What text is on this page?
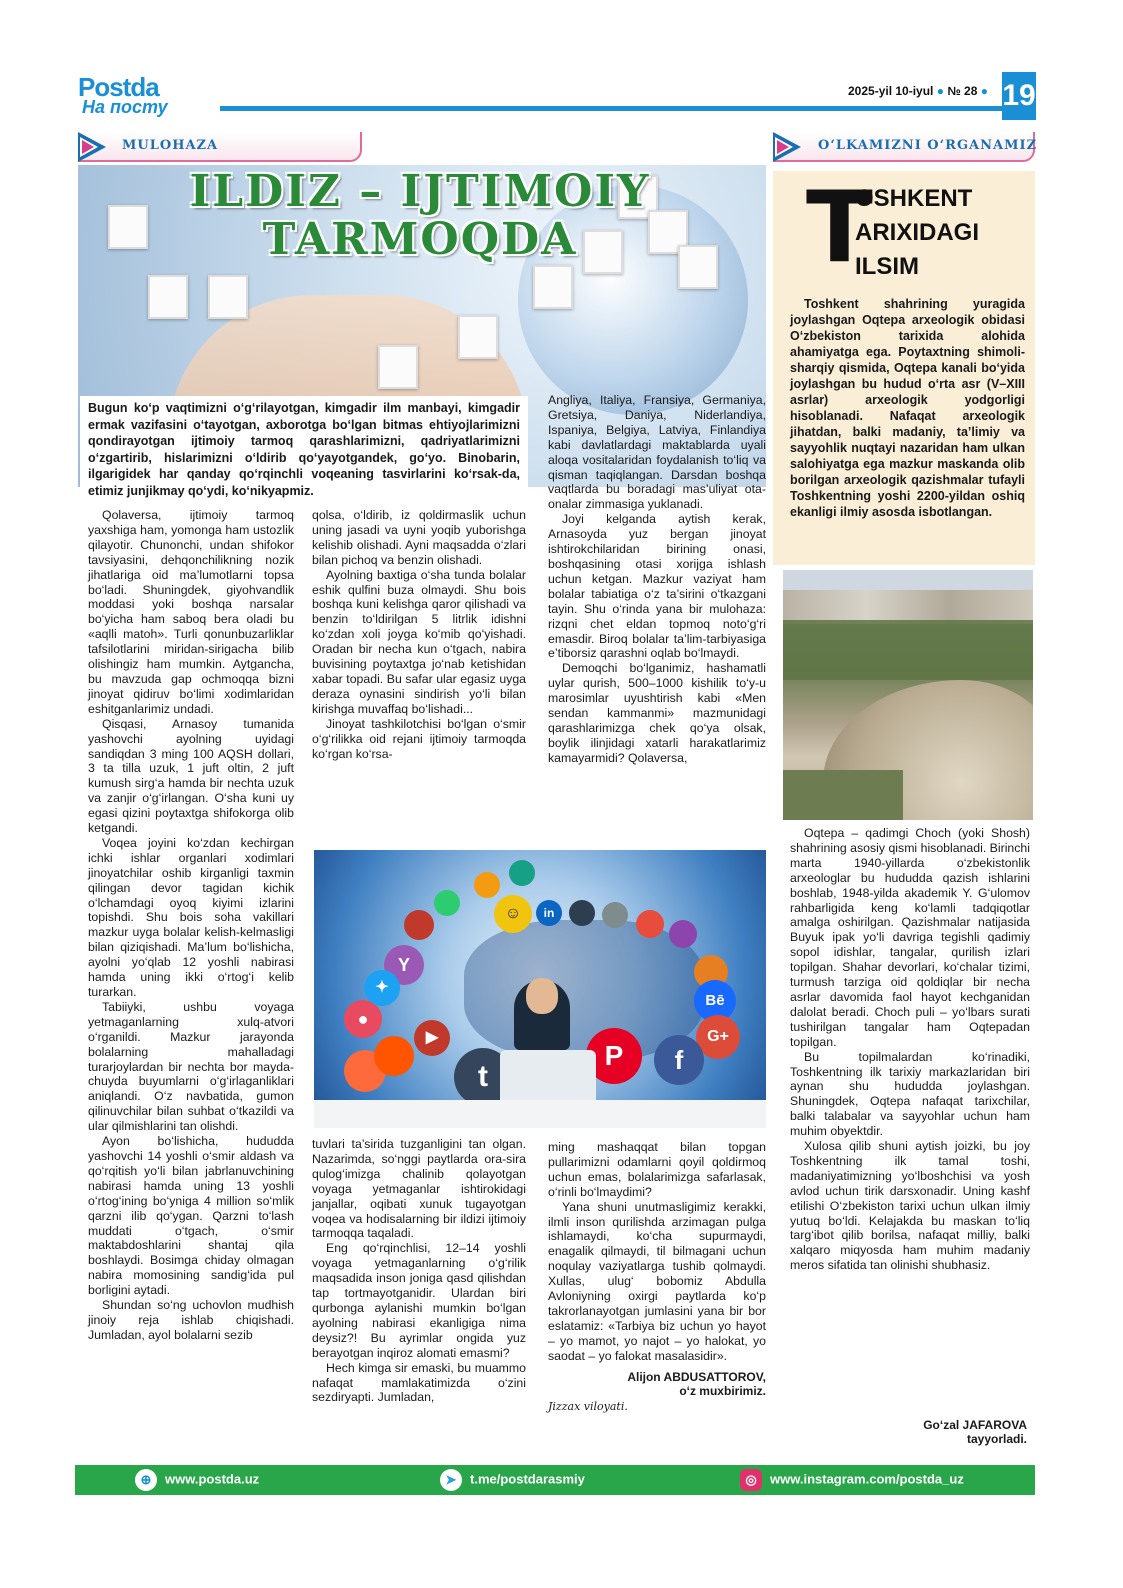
Postda
На посту
2025-yil 10-iyul ● № 28 ● 19
MULOHAZA	O‘LKAMIZNI O‘RGANAMIZ
ILDIZ – IJTIMOIY
TARMOQDA
Bugun ko‘p vaqtimizni o‘g‘rilayotgan, kimgadir ilm manbayi, kimgadir ermak vazifasini o‘tayotgan, axborotga bo‘lgan bitmas ehtiyojlarimizni qondirayotgan ijtimoiy tarmoq qarashlarimizni, qadriyatlarimizni o‘zgartirib, hislarimizni o‘ldirib qo‘yayotgandek, go‘yo. Binobarin, ilgarigidek har qanday qo‘rqinchli voqeaning tasvirlarini ko‘rsak-da, etimiz junjikmay qo‘ydi, ko‘nikyapmiz.

Qolaversa, ijtimoiy tarmoq yaxshiga ham, yomonga ham ustozlik qilayotir. Chunonchi, undan shifokor tavsiyasini, dehqonchilikning nozik jihatlariga oid ma’lumotlarni topsa bo‘ladi. Shuningdek, giyohvandlik moddasi yoki boshqa narsalar bo‘yicha ham saboq bera oladi bu «aqlli matoh». Turli qonunbuzarliklar tafsilotlarini miridan-sirigacha bilib olishingiz ham mumkin. Aytgancha, bu mavzuda gap ochmoqqa bizni jinoyat qidiruv bo‘limi xodimlaridan eshitganlarimiz undadi.

Qisqasi, Arnasoy tumanida yashovchi ayolning uyidagi sandiqdan 3 ming 100 AQSH dollari, 3 ta tilla uzuk, 1 juft oltin, 2 juft kumush sirg‘a hamda bir nechta uzuk va zanjir o‘g‘irlangan. O‘sha kuni uy egasi qizini poytaxtga shifokorga olib ketgandi.

Voqea joyini ko‘zdan kechirgan ichki ishlar organlari xodimlari jinoyatchilar oshib kirganligi taxmin qilingan devor tagidan kichik o‘lchamdagi oyoq kiyimi izlarini topishdi. Shu bois soha vakillari mazkur uyga bolalar kelish-kelmasligi bilan qiziqishadi. Ma’lum bo‘lishicha, ayolni yo‘qlab 12 yoshli nabirasi hamda uning ikki o‘rtog‘i kelib turarkan.

Tabiiyki, ushbu voyaga yetmaganlarning xulq-atvori o‘rganildi. Mazkur jarayonda bolalarning mahalladagi turarjoylardan bir nechta bor mayda-chuyda buyumlarni o‘g‘irlaganliklari aniqlandi. O‘z navbatida, gumon qilinuvchilar bilan suhbat o‘tkazildi va ular qilmishlarini tan olishdi.

Ayon bo‘lishicha, hududda yashovchi 14 yoshli o‘smir aldash va qo‘rqitish yo‘li bilan jabrlanuvchining nabirasi hamda uning 13 yoshli o‘rtog‘ining bo‘yniga 4 million so‘mlik qarzni ilib qo‘ygan. Qarzni to‘lash muddati o‘tgach, o‘smir maktabdoshlarini shantaj qila boshlaydi. Bosimga chiday olmagan nabira momosining sandig‘ida pul borligini aytadi.

Shundan so‘ng uchovlon mudhish jinoiy reja ishlab chiqishadi. Jumladan, ayol bolalarni sezib

qolsa, o‘ldirib, iz qoldirmaslik uchun uning jasadi va uyni yoqib yuborishga kelishib olishadi. Ayni maqsadda o‘zlari bilan pichoq va benzin olishadi.

Ayolning baxtiga o‘sha tunda bolalar eshik qulfini buza olmaydi. Shu bois boshqa kuni kelishga qaror qilishadi va benzin to‘ldirilgan 5 litrlik idishni ko‘zdan xoli joyga ko‘mib qo‘yishadi. Oradan bir necha kun o‘tgach, nabira buvisining poytaxtga jo‘nab ketishidan xabar topadi. Bu safar ular egasiz uyga deraza oynasini sindirish yo‘li bilan kirishga muvaffaq bo‘lishadi...

Jinoyat tashkilotchisi bo‘lgan o‘smir o‘g‘rilikka oid rejani ijtimoiy tarmoqda ko‘rgan ko‘rsa-

Angliya, Italiya, Fransiya, Germaniya, Gretsiya, Daniya, Niderlandiya, Ispaniya, Belgiya, Latviya, Finlandiya kabi davlatlardagi maktablarda uyali aloqa vositalaridan foydalanish to‘liq va qisman taqiqlangan. Darsdan boshqa vaqtlarda bu boradagi mas’uliyat ota-onalar zimmasiga yuklanadi.

Joyi kelganda aytish kerak, Arnasoyda yuz bergan jinoyat ishtirokchilaridan birining onasi, boshqasining otasi xorijga ishlash uchun ketgan. Mazkur vaziyat ham bolalar tabiatiga o‘z ta’sirini o‘tkazgani tayin. Shu o‘rinda yana bir mulohaza: rizqni chet eldan topmoq noto‘g‘ri emasdir. Biroq bolalar ta’lim-tarbiyasiga e’tiborsiz qarashni oqlab bo‘lmaydi.

Demoqchi bo‘lganimiz, hashamatli uylar qurish, 500–1000 kishilik to‘y-u marosimlar uyushtirish kabi «Men sendan kammanmi» mazmunidagi qarashlarimizga chek qo‘ya olsak, boylik ilinjidagi xatarli harakatlarimiz kamayarmidi? Qolaversa,

●
Y
✦
☺	in
Bē
G+
f
P
t
▶

tuvlari ta’sirida tuzganligini tan olgan. Nazarimda, so‘nggi paytlarda ora-sira qulog‘imizga chalinib qolayotgan voyaga yetmaganlar ishtirokidagi janjallar, oqibati xunuk tugayotgan voqea va hodisalarning bir ildizi ijtimoiy tarmoqqa taqaladi.

Eng qo‘rqinchlisi, 12–14 yoshli voyaga yetmaganlarning o‘g‘rilik maqsadida inson joniga qasd qilishdan tap tortmayotganidir. Ulardan biri qurbonga aylanishi mumkin bo‘lgan ayolning nabirasi ekanligiga nima deysiz?! Bu ayrimlar ongida yuz berayotgan inqiroz alomati emasmi?

Hech kimga sir emaski, bu muammo nafaqat mamlakatimizda o‘zini sezdiryapti. Jumladan,

ming mashaqqat bilan topgan pullarimizni odamlarni qoyil qoldirmoq uchun emas, bolalarimizga safarlasak, o‘rinli bo‘lmaydimi?

Yana shuni unutmasligimiz kerakki, ilmli inson qurilishda arzimagan pulga ishlamaydi, ko‘cha supurmaydi, enagalik qilmaydi, til bilmagani uchun noqulay vaziyatlarga tushib qolmaydi. Xullas, ulug‘ bobomiz Abdulla Avloniyning oxirgi paytlarda ko‘p takrorlanayotgan jumlasini yana bir bor eslatamiz: «Tarbiya biz uchun yo hayot – yo mamot, yo najot – yo halokat, yo saodat – yo falokat masalasidir».

Alijon ABDUSATTOROV,
o‘z muxbirimiz.
Jizzax viloyati.
T
OSHKENT
ARIXIDAGI
ILSIM

Toshkent shahrining yuragida joylashgan Oqtepa arxeologik obidasi O‘zbekiston tarixida alohida ahamiyatga ega. Poytaxtning shimoli-sharqiy qismida, Oqtepa kanali bo‘yida joylashgan bu hudud o‘rta asr (V–XIII asrlar) arxeologik yodgorligi hisoblanadi. Nafaqat arxeologik jihatdan, balki madaniy, ta’limiy va sayyohlik nuqtayi nazaridan ham ulkan salohiyatga ega mazkur maskanda olib borilgan arxeologik qazishmalar tufayli Toshkentning yoshi 2200-yildan oshiq ekanligi ilmiy asosda isbotlangan.

Oqtepa – qadimgi Choch (yoki Shosh) shahrining asosiy qismi hisoblanadi. Birinchi marta 1940-yillarda o‘zbekistonlik arxeologlar bu hududda qazish ishlarini boshlab, 1948-yilda akademik Y. G‘ulomov rahbarligida keng ko‘lamli tadqiqotlar amalga oshirilgan. Qazishmalar natijasida Buyuk ipak yo‘li davriga tegishli qadimiy sopol idishlar, tangalar, qurilish izlari topilgan. Shahar devorlari, ko‘chalar tizimi, turmush tarziga oid qoldiqlar bir necha asrlar davomida faol hayot kechganidan dalolat beradi. Choch puli – yo‘lbars surati tushirilgan tangalar ham Oqtepadan topilgan.

Bu topilmalardan ko‘rinadiki, Toshkentning ilk tarixiy markazlaridan biri aynan shu hududda joylashgan. Shuningdek, Oqtepa nafaqat tarixchilar, balki talabalar va sayyohlar uchun ham muhim obyektdir.

Xulosa qilib shuni aytish joizki, bu joy Toshkentning ilk tamal toshi, madaniyatimizning yo‘lboshchisi va yosh avlod uchun tirik darsxonadir. Uning kashf etilishi O‘zbekiston tarixi uchun ulkan ilmiy yutuq bo‘ldi. Kelajakda bu maskan to‘liq targ‘ibot qilib borilsa, nafaqat milliy, balki xalqaro miqyosda ham muhim madaniy meros sifatida tan olinishi shubhasiz.

Go‘zal JAFAROVA
tayyorladi.
⊕ www.postda.uz	➤ t.me/postdarasmiy	◎ www.instagram.com/postda_uz
